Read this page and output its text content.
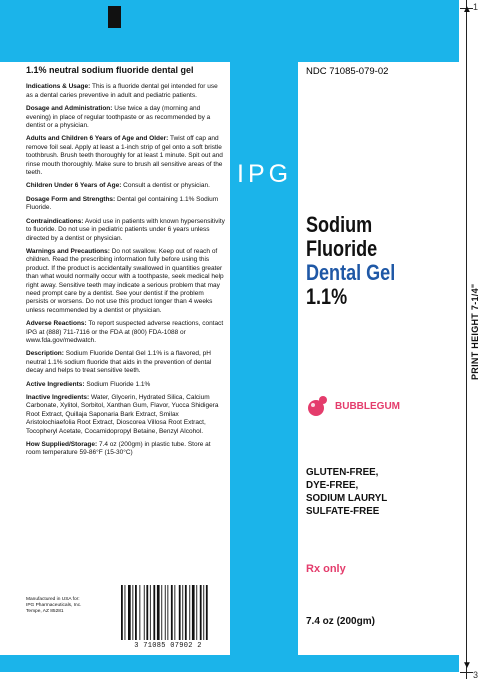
▲
▼
1
3
PRINT HEIGHT 7-1/4"
IPG
1.1% neutral sodium fluoride dental gel

Indications & Usage: This is a fluoride dental gel intended for use as a dental caries preventive in adult and pediatric patients.

Dosage and Administration: Use twice a day (morning and evening) in place of regular toothpaste or as recommended by a dentist or a physician.

Adults and Children 6 Years of Age and Older: Twist off cap and remove foil seal. Apply at least a 1-inch strip of gel onto a soft bristle toothbrush. Brush teeth thoroughly for at least 1 minute. Spit out and rinse mouth thoroughly. Make sure to brush all sensitive areas of the teeth.

Children Under 6 Years of Age: Consult a dentist or physician.

Dosage Form and Strengths: Dental gel containing 1.1% Sodium Fluoride.

Contraindications: Avoid use in patients with known hypersensitivity to fluoride. Do not use in pediatric patients under 6 years unless directed by a dentist or physician.

Warnings and Precautions: Do not swallow. Keep out of reach of children. Read the prescribing information fully before using this product. If the product is accidentally swallowed in quantities greater than what would normally occur with a toothpaste, seek medical help right away. Sensitive teeth may indicate a serious problem that may need prompt care by a dentist. See your dentist if the problem persists or worsens. Do not use this product longer than 4 weeks unless recommended by a dentist or physician.

Adverse Reactions: To report suspected adverse reactions, contact IPG at (888) 711-7116 or the FDA at (800) FDA-1088 or www.fda.gov/medwatch.

Description: Sodium Fluoride Dental Gel 1.1% is a flavored, pH neutral 1.1% sodium fluoride that aids in the prevention of dental decay and helps to treat sensitive teeth.

Active Ingredients: Sodium Fluoride 1.1%

Inactive Ingredients: Water, Glycerin, Hydrated Silica, Calcium Carbonate, Xylitol, Sorbitol, Xanthan Gum, Flavor, Yucca Shidigera Root Extract, Quillaja Saponaria Bark Extract, Smilax Aristolochiaefolia Root Extract, Dioscorea Villosa Root Extract, Tocopheryl Acetate, Cocamidopropyl Betaine, Benzyl Alcohol.

How Supplied/Storage: 7.4 oz (200gm) in plastic tube. Store at room temperature 59-86°F (15-30°C)

Manufactured in USA for:
IPG Pharmaceuticals, Inc.
Tempe, AZ 85281
3 71085 07902 2
NDC 71085-079-02
Sodium
Fluoride
Dental Gel
1.1%
BUBBLEGUM
GLUTEN-FREE,
DYE-FREE,
SODIUM LAURYL
SULFATE-FREE
Rx only
7.4 oz (200gm)
